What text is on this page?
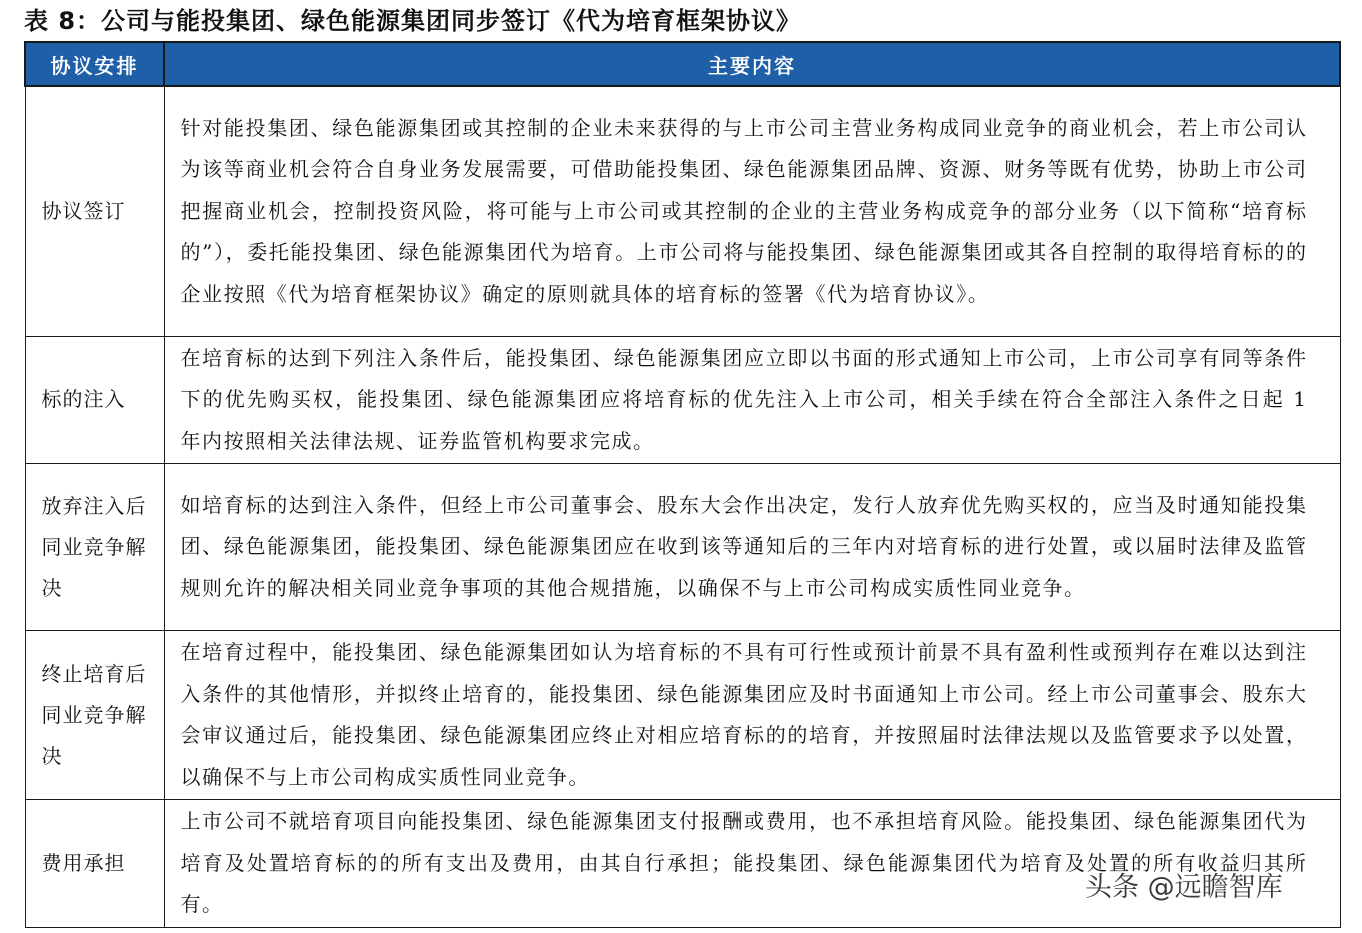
表 8：公司与能投集团、绿色能源集团同步签订《代为培育框架协议》
协议安排	主要内容
协议签订	针对能投集团、绿色能源集团或其控制的企业未来获得的与上市公司主营业务构成同业竞争的商业机会，若上市公司认为该等商业机会符合自身业务发展需要，可借助能投集团、绿色能源集团品牌、资源、财务等既有优势，协助上市公司把握商业机会，控制投资风险，将可能与上市公司或其控制的企业的主营业务构成竞争的部分业务（以下简称“培育标的”），委托能投集团、绿色能源集团代为培育。上市公司将与能投集团、绿色能源集团或其各自控制的取得培育标的的企业按照《代为培育框架协议》确定的原则就具体的培育标的签署《代为培育协议》。
标的注入	在培育标的达到下列注入条件后，能投集团、绿色能源集团应立即以书面的形式通知上市公司，上市公司享有同等条件下的优先购买权，能投集团、绿色能源集团应将培育标的优先注入上市公司，相关手续在符合全部注入条件之日起 1 年内按照相关法律法规、证券监管机构要求完成。
放弃注入后同业竞争解决	如培育标的达到注入条件，但经上市公司董事会、股东大会作出决定，发行人放弃优先购买权的，应当及时通知能投集团、绿色能源集团，能投集团、绿色能源集团应在收到该等通知后的三年内对培育标的进行处置，或以届时法律及监管规则允许的解决相关同业竞争事项的其他合规措施，以确保不与上市公司构成实质性同业竞争。
终止培育后同业竞争解决	在培育过程中，能投集团、绿色能源集团如认为培育标的不具有可行性或预计前景不具有盈利性或预判存在难以达到注入条件的其他情形，并拟终止培育的，能投集团、绿色能源集团应及时书面通知上市公司。经上市公司董事会、股东大会审议通过后，能投集团、绿色能源集团应终止对相应培育标的的培育，并按照届时法律法规以及监管要求予以处置，以确保不与上市公司构成实质性同业竞争。
费用承担	上市公司不就培育项目向能投集团、绿色能源集团支付报酬或费用，也不承担培育风险。能投集团、绿色能源集团代为培育及处置培育标的的所有支出及费用，由其自行承担；能投集团、绿色能源集团代为培育及处置的所有收益归其所有。
头条 @远瞻智库
